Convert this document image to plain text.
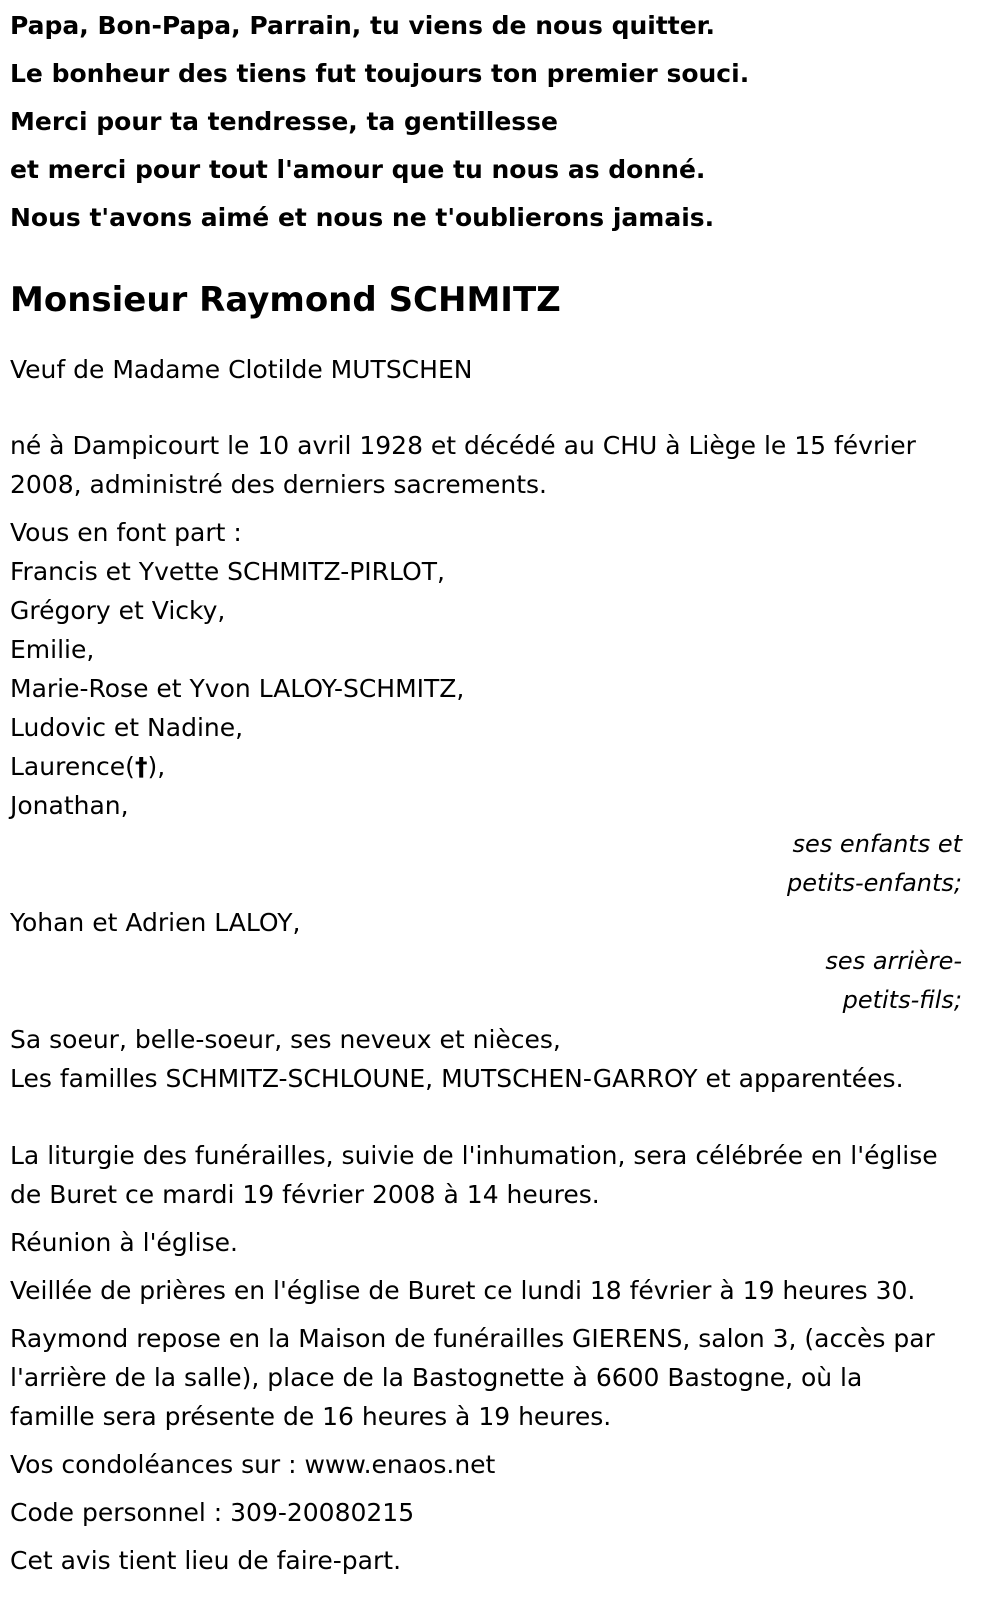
Papa, Bon-Papa, Parrain, tu viens de nous quitter.
Le bonheur des tiens fut toujours ton premier souci.
Merci pour ta tendresse, ta gentillesse
et merci pour tout l'amour que tu nous as donné.
Nous t'avons aimé et nous ne t'oublierons jamais.
Monsieur Raymond SCHMITZ
Veuf de Madame Clotilde MUTSCHEN
né à Dampicourt le 10 avril 1928 et décédé au CHU à Liège le 15 février
2008, administré des derniers sacrements.
Vous en font part :
Francis et Yvette SCHMITZ-PIRLOT,
Grégory et Vicky,
Emilie,
Marie-Rose et Yvon LALOY-SCHMITZ,
Ludovic et Nadine,
Laurence(†),
Jonathan,
ses enfants et
petits-enfants;
Yohan et Adrien LALOY,
ses arrière-
petits-fils;
Sa soeur, belle-soeur, ses neveux et nièces,
Les familles SCHMITZ-SCHLOUNE, MUTSCHEN-GARROY et apparentées.
La liturgie des funérailles, suivie de l'inhumation, sera célébrée en l'église
de Buret ce mardi 19 février 2008 à 14 heures.
Réunion à l'église.
Veillée de prières en l'église de Buret ce lundi 18 février à 19 heures 30.
Raymond repose en la Maison de funérailles GIERENS, salon 3, (accès par
l'arrière de la salle), place de la Bastognette à 6600 Bastogne, où la
famille sera présente de 16 heures à 19 heures.
Vos condoléances sur : www.enaos.net
Code personnel : 309-20080215
Cet avis tient lieu de faire-part.
